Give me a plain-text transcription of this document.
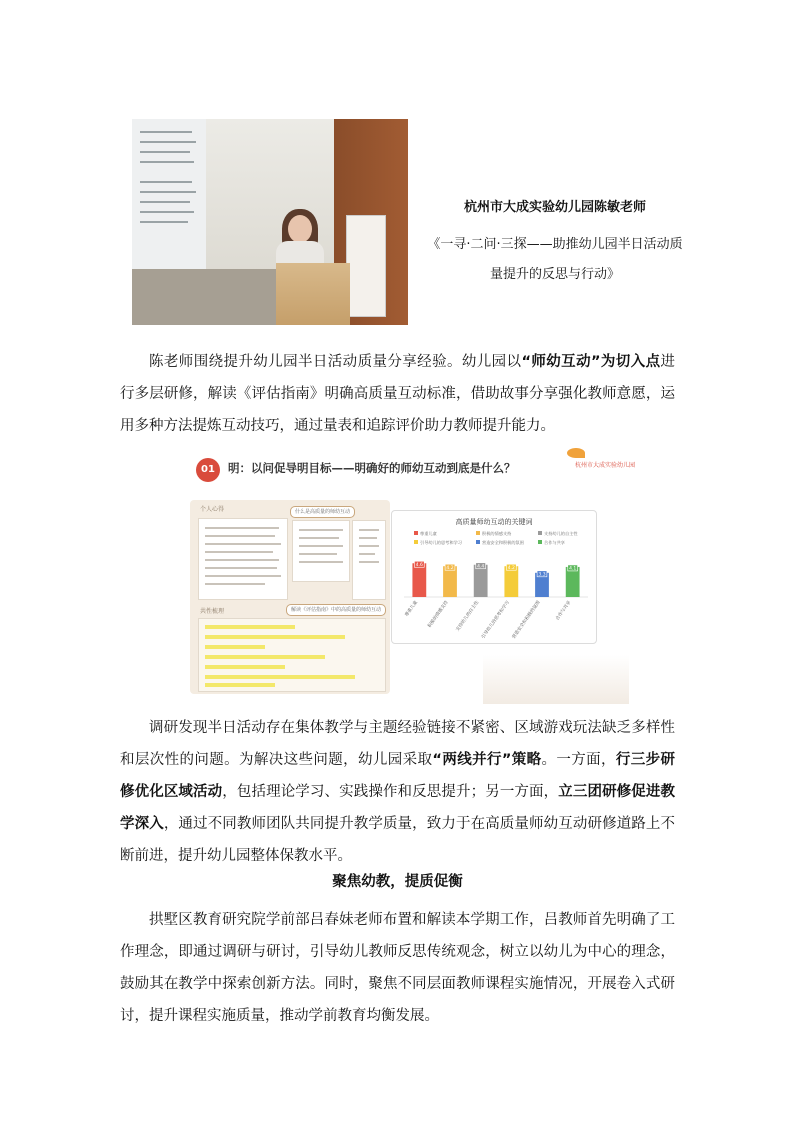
杭州市大成实验幼儿园陈敏老师
《一寻·二问·三探——助推幼儿园半日活动质量提升的反思与行动》
陈老师围绕提升幼儿园半日活动质量分享经验。幼儿园以“师幼互动”为切入点进行多层研修，解读《评估指南》明确高质量互动标准，借助故事分享强化教师意愿，运用多种方法提炼互动技巧，通过量表和追踪评价助力教师提升能力。
01	明：以问促导明目标——明确好的师幼互动到底是什么？	杭州市大成实验幼儿园
个人心得	什么是高质量的师幼互动
共性梳理	解读《评估指南》中的高质量的师幼互动
高质量师幼互动的关键词
尊重儿童	积极的情感支持	支持幼儿的自主性
引导幼儿的思考和学习	营造安全和积极的氛围	合作与共享
4.6
尊重儿童
4.2
积极的情感支持
4.4
支持幼儿的自主性
4.2
引导幼儿的思考和学习
3.3
营造安全和积极的氛围
4.1
合作与共享
调研发现半日活动存在集体教学与主题经验链接不紧密、区域游戏玩法缺乏多样性和层次性的问题。为解决这些问题，幼儿园采取“两线并行”策略。一方面，行三步研修优化区域活动，包括理论学习、实践操作和反思提升；另一方面，立三团研修促进教学深入，通过不同教师团队共同提升教学质量，致力于在高质量师幼互动研修道路上不断前进，提升幼儿园整体保教水平。
聚焦幼教，提质促衡
拱墅区教育研究院学前部吕春妹老师布置和解读本学期工作，吕教师首先明确了工作理念，即通过调研与研讨，引导幼儿教师反思传统观念，树立以幼儿为中心的理念，鼓励其在教学中探索创新方法。同时，聚焦不同层面教师课程实施情况，开展卷入式研讨，提升课程实施质量，推动学前教育均衡发展。
